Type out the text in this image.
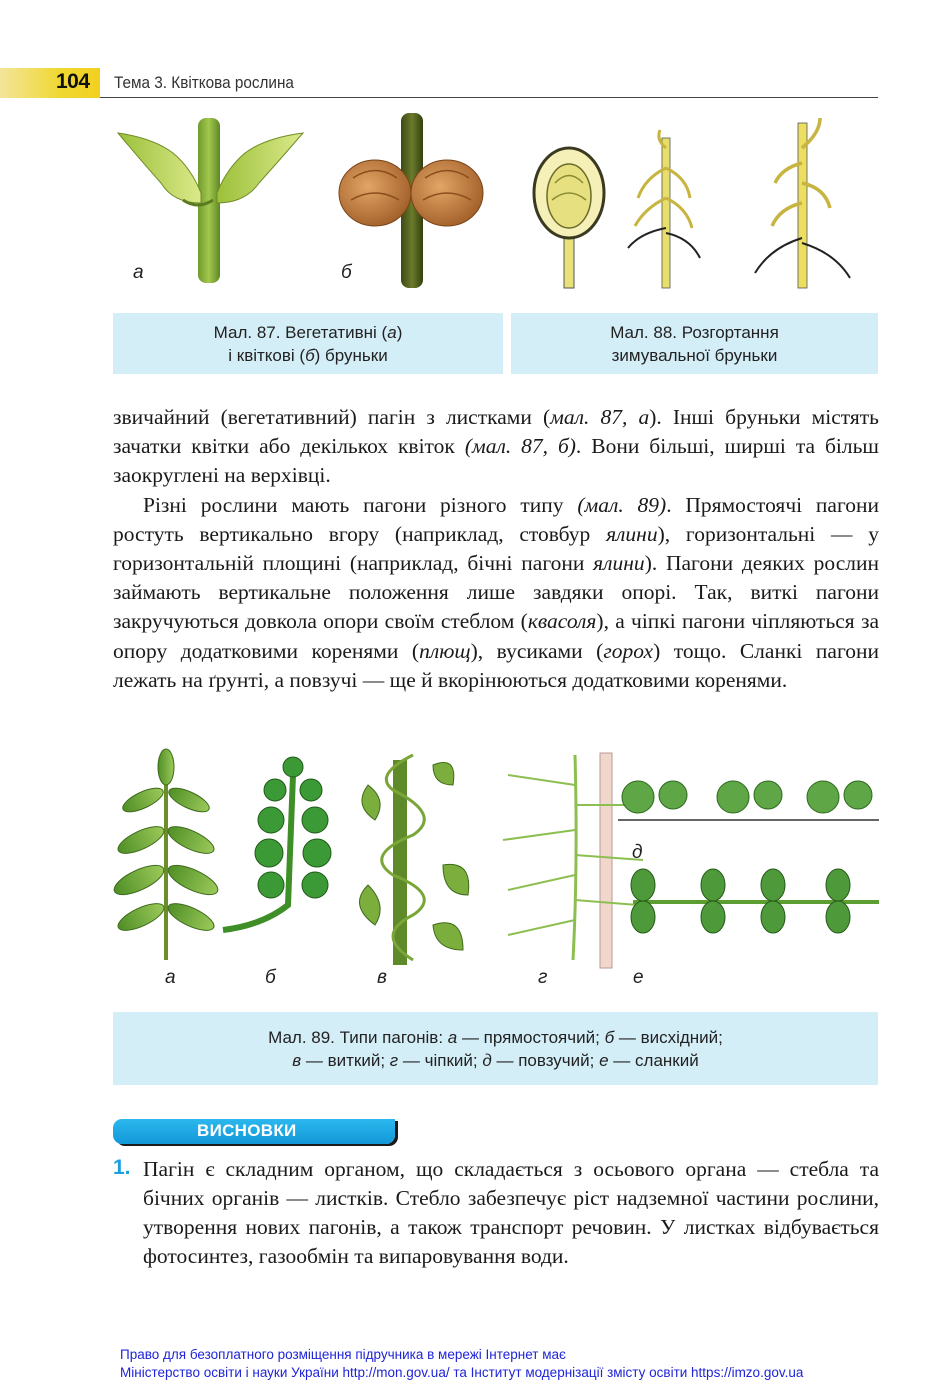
104 Тема 3. Квіткова рослина
а	б
Мал. 87. Вегетативні (а)
і квіткові (б) бруньки
Мал. 88. Розгортання
зимувальної бруньки

звичайний (вегетативний) пагін з листками (мал. 87, а). Інші бруньки містять зачатки квітки або декількох квіток (мал. 87, б). Вони більші, ширші та більш заокруглені на верхівці.

Різні рослини мають пагони різного типу (мал. 89). Прямостоячі пагони ростуть вертикально вгору (наприклад, стовбур ялини), горизонтальні — у горизонтальній площині (наприклад, бічні пагони ялини). Пагони деяких рослин займають вертикальне положення лише завдяки опорі. Так, виткі пагони закручуються довкола опори своїм стеблом (квасоля), а чіпкі пагони чіпляються за опору додатковими коренями (плющ), вусиками (горох) тощо. Сланкі пагони лежать на ґрунті, а повзучі — ще й вкорінюються додатковими коренями.

а	б	в	г	е
д
Мал. 89. Типи пагонів: а — прямостоячий; б — висхідний;
в — виткий; г — чіпкий; д — повзучий; е — сланкий
ВИСНОВКИ
1. Пагін є складним органом, що складається з осьового органа — стебла та бічних органів — листків. Стебло забезпечує ріст надземної частини рослини, утворення нових пагонів, а також транспорт речовин. У листках відбувається фотосинтез, газообмін та випаровування води.
Право для безоплатного розміщення підручника в мережі Інтернет має
Міністерство освіти і науки України http://mon.gov.ua/ та Інститут модернізації змісту освіти https://imzo.gov.ua
